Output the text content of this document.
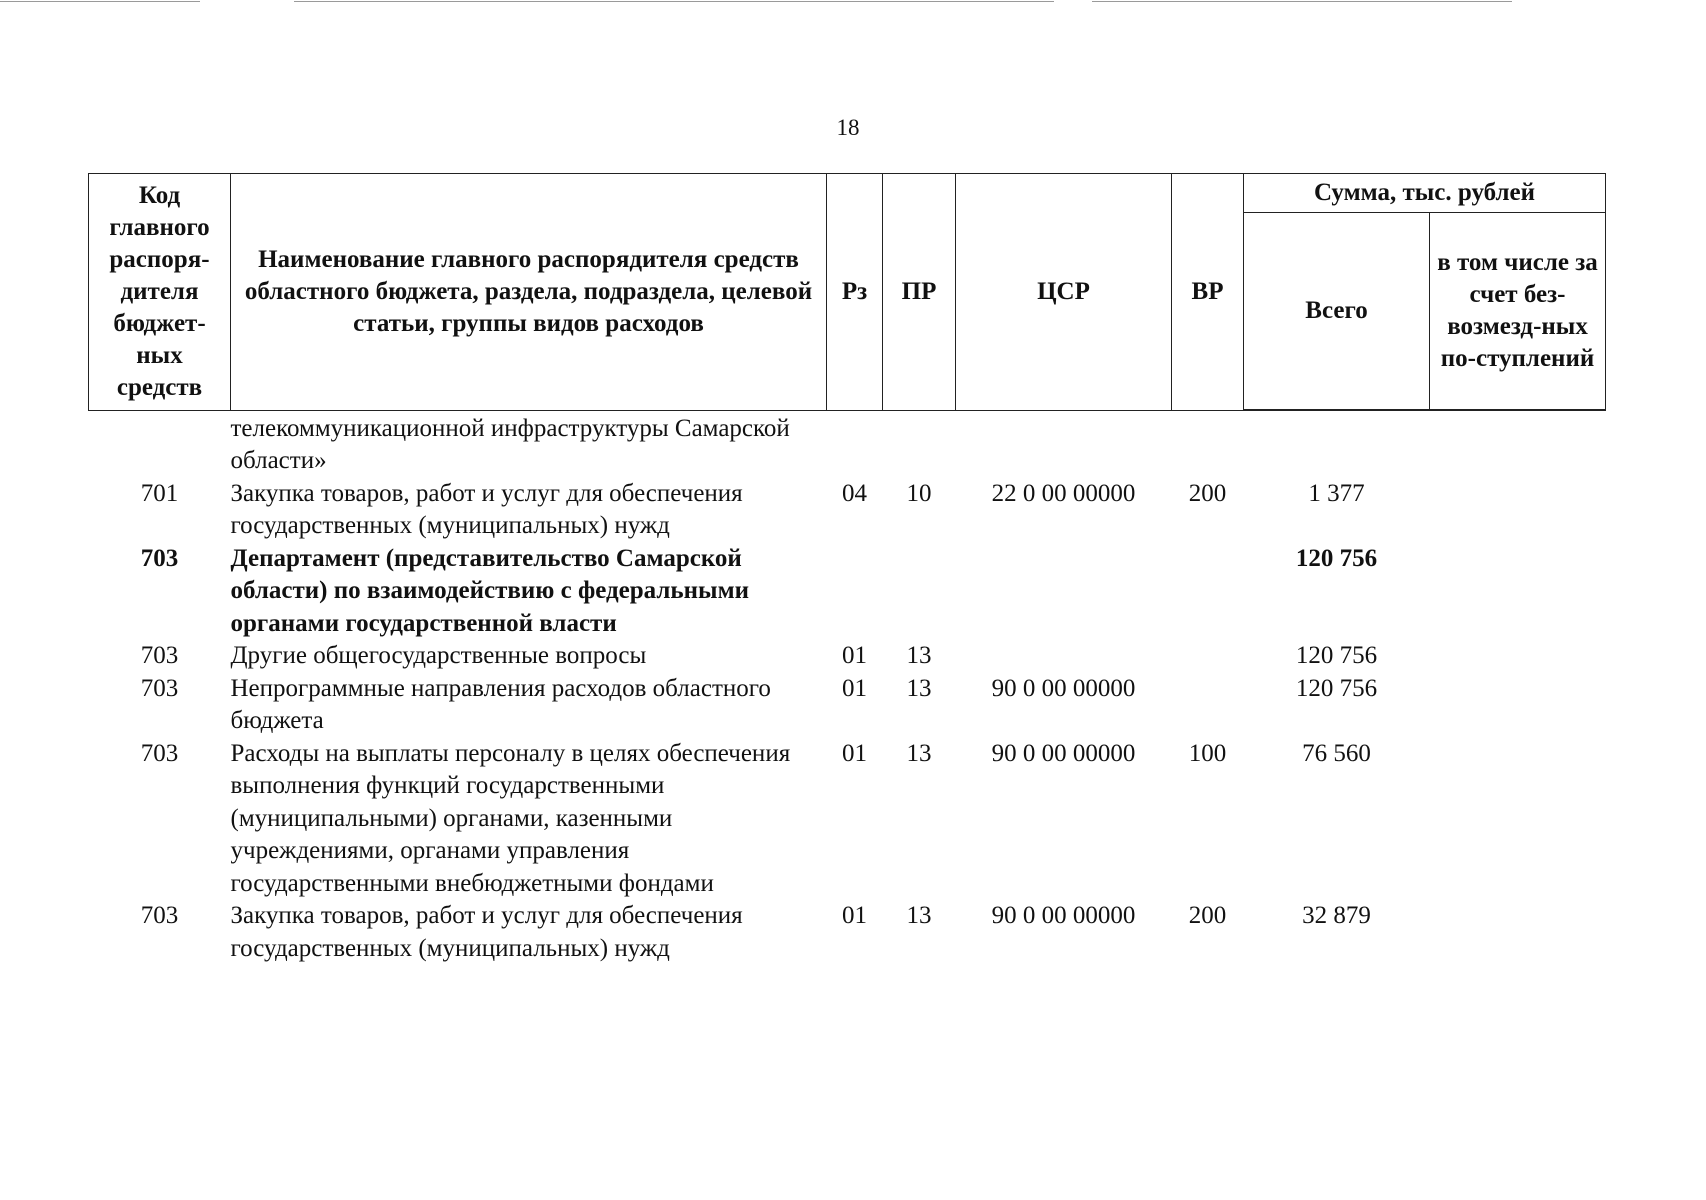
18
Код главного распоря-дителя бюджет-ных средств	Наименование главного распорядителя средств областного бюджета, раздела, подраздела, целевой статьи, группы видов расходов	Рз	ПР	ЦСР	ВР	Сумма, тыс. рублей	
						Всего	в том числе за счет без-возмезд-ных по-ступлений
	телекоммуникационной инфраструктуры Самарской области»						
701	Закупка товаров, работ и услуг для обеспечения государственных (муниципальных) нужд	04	10	22 0 00 00000	200	1 377	
703	Департамент (представительство Самарской области) по взаимодействию с федеральными органами государственной власти					120 756	
703	Другие общегосударственные вопросы	01	13			120 756	
703	Непрограммные направления расходов областного бюджета	01	13	90 0 00 00000		120 756	
703	Расходы на выплаты персоналу в целях обеспечения выполнения функций государственными (муниципальными) органами, казенными учреждениями, органами управления государственными внебюджетными фондами	01	13	90 0 00 00000	100	76 560	
703	Закупка товаров, работ и услуг для обеспечения государственных (муниципальных) нужд	01	13	90 0 00 00000	200	32 879	
